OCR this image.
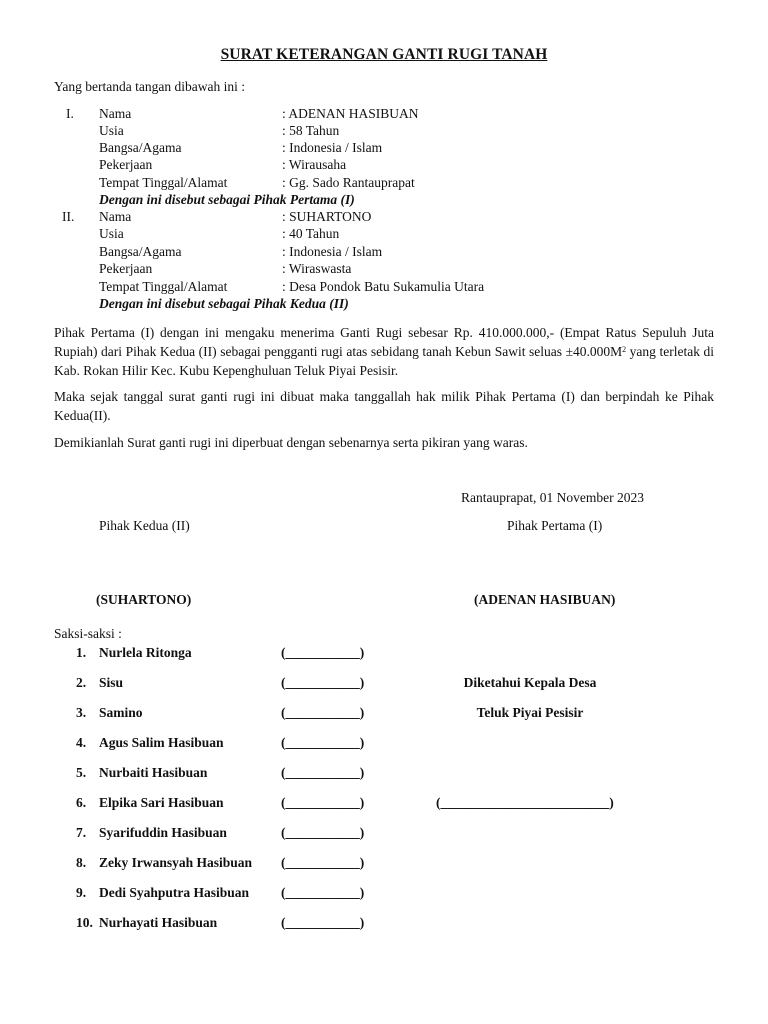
SURAT KETERANGAN GANTI RUGI TANAH
Yang bertanda tangan dibawah ini :
I. Nama	: ADENAN HASIBUAN
Usia	: 58 Tahun
Bangsa/Agama	: Indonesia / Islam
Pekerjaan	: Wirausaha
Tempat Tinggal/Alamat	: Gg. Sado Rantauprapat
Dengan ini disebut sebagai Pihak Pertama (I)
II. Nama	: SUHARTONO
Usia	: 40 Tahun
Bangsa/Agama	: Indonesia / Islam
Pekerjaan	: Wiraswasta
Tempat Tinggal/Alamat	: Desa Pondok Batu Sukamulia Utara
Dengan ini disebut sebagai Pihak Kedua (II)
Pihak Pertama (I) dengan ini mengaku menerima Ganti Rugi sebesar Rp. 410.000.000,- (Empat Ratus Sepuluh Juta Rupiah) dari Pihak Kedua (II) sebagai pengganti rugi atas sebidang tanah Kebun Sawit seluas $\pm 40.000M^2$ yang terletak di Kab. Rokan Hilir Kec. Kubu Kepenghuluan Teluk Piyai Pesisir.
Maka sejak tanggal surat ganti rugi ini dibuat maka tanggallah hak milik Pihak Pertama (I) dan berpindah ke Pihak Kedua(II).
Demikianlah Surat ganti rugi ini diperbuat dengan sebenarnya serta pikiran yang waras.
Rantauprapat, 01 November 2023
Pihak Kedua (II)	Pihak Pertama (I)
(SUHARTONO)	(ADENAN HASIBUAN)
Saksi-saksi :
1. Nurlela Ritonga	(___________)
2. Sisu	(___________)
3. Samino	(___________)
4. Agus Salim Hasibuan	(___________)
5. Nurbaiti Hasibuan	(___________)
6. Elpika Sari Hasibuan	(___________)
7. Syarifuddin Hasibuan	(___________)
8. Zeky Irwansyah Hasibuan (___________)
9. Dedi Syahputra Hasibuan (___________)
10. Nurhayati Hasibuan	(___________)
Diketahui Kepala Desa
Teluk Piyai Pesisir
(_________________________)
